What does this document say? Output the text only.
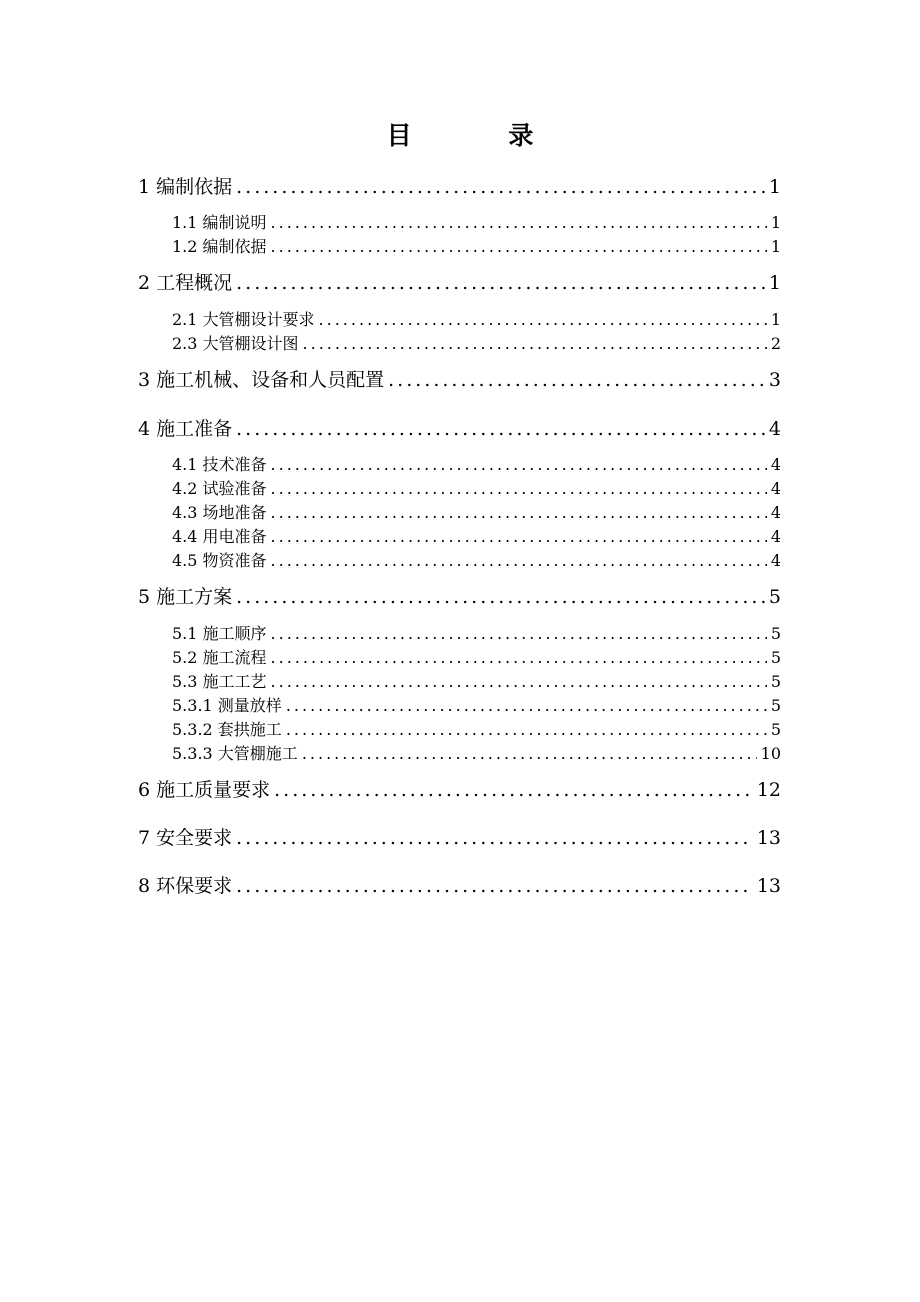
目 录
1 编制依据 .....	1
1.1 编制说明 .....	1
1.2 编制依据 .....	1
2 工程概况 .....	1
2.1 大管棚设计要求 .....	1
2.3 大管棚设计图 .....	2
3 施工机械、设备和人员配置 .....	3
4 施工准备 .....	4
4.1 技术准备 .....	4
4.2 试验准备 .....	4
4.3 场地准备 .....	4
4.4 用电准备 .....	4
4.5 物资准备 .....	4
5 施工方案 .....	5
5.1 施工顺序 .....	5
5.2 施工流程 .....	5
5.3 施工工艺 .....	5
5.3.1 测量放样 .....	5
5.3.2 套拱施工 .....	5
5.3.3 大管棚施工 .....	10
6 施工质量要求 .....	12
7 安全要求 .....	13
8 环保要求 .....	13
